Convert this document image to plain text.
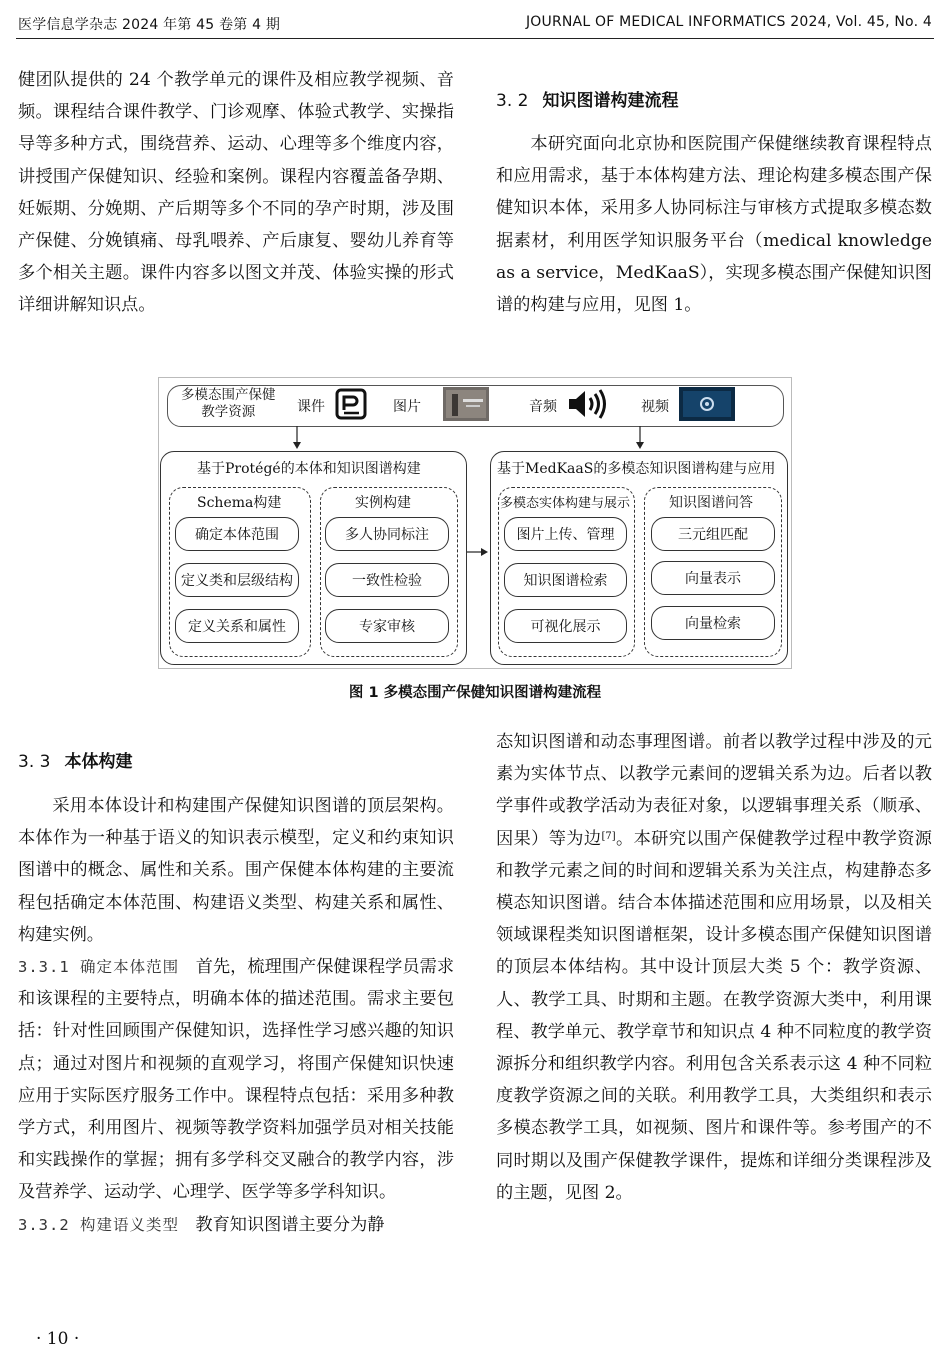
医学信息学杂志 2024 年第 45 卷第 4 期	JOURNAL OF MEDICAL INFORMATICS 2024, Vol. 45, No. 4

健团队提供的 24 个教学单元的课件及相应教学视频、音频。课程结合课件教学、门诊观摩、体验式教学、实操指导等多种方式，围绕营养、运动、心理等多个维度内容，讲授围产保健知识、经验和案例。课程内容覆盖备孕期、妊娠期、分娩期、产后期等多个不同的孕产时期，涉及围产保健、分娩镇痛、母乳喂养、产后康复、婴幼儿养育等多个相关主题。课件内容多以图文并茂、体验实操的形式详细讲解知识点。

3. 2 知识图谱构建流程

本研究面向北京协和医院围产保健继续教育课程特点和应用需求，基于本体构建方法、理论构建多模态围产保健知识本体，采用多人协同标注与审核方式提取多模态数据素材，利用医学知识服务平台（medical knowledge as a service，MedKaaS），实现多模态围产保健知识图谱的构建与应用，见图 1。

多模态围产保健
教学资源	课件	图片	音频	视频
基于Protégé的本体和知识图谱构建
Schema构建
确定本体范围
定义类和层级结构
定义关系和属性
实例构建
多人协同标注
一致性检验
专家审核
基于MedKaaS的多模态知识图谱构建与应用
多模态实体构建与展示
图片上传、管理
知识图谱检索
可视化展示
知识图谱问答
三元组匹配
向量表示
向量检索
图 1 多模态围产保健知识图谱构建流程
3. 3 本体构建

采用本体设计和构建围产保健知识图谱的顶层架构。本体作为一种基于语义的知识表示模型，定义和约束知识图谱中的概念、属性和关系。围产保健本体构建的主要流程包括确定本体范围、构建语义类型、构建关系和属性、构建实例。

3.3.1 确定本体范围 首先，梳理围产保健课程学员需求和该课程的主要特点，明确本体的描述范围。需求主要包括：针对性回顾围产保健知识，选择性学习感兴趣的知识点；通过对图片和视频的直观学习，将围产保健知识快速应用于实际医疗服务工作中。课程特点包括：采用多种教学方式，利用图片、视频等教学资料加强学员对相关技能和实践操作的掌握；拥有多学科交叉融合的教学内容，涉及营养学、运动学、心理学、医学等多学科知识。

3.3.2 构建语义类型 教育知识图谱主要分为静

态知识图谱和动态事理图谱。前者以教学过程中涉及的元素为实体节点、以教学元素间的逻辑关系为边。后者以教学事件或教学活动为表征对象，以逻辑事理关系（顺承、因果）等为边[7]。本研究以围产保健教学过程中教学资源和教学元素之间的时间和逻辑关系为关注点，构建静态多模态知识图谱。结合本体描述范围和应用场景，以及相关领域课程类知识图谱框架，设计多模态围产保健知识图谱的顶层本体结构。其中设计顶层大类 5 个：教学资源、人、教学工具、时期和主题。在教学资源大类中，利用课程、教学单元、教学章节和知识点 4 种不同粒度的教学资源拆分和组织教学内容。利用包含关系表示这 4 种不同粒度教学资源之间的关联。利用教学工具，大类组织和表示多模态教学工具，如视频、图片和课件等。参考围产的不同时期以及围产保健教学课件，提炼和详细分类课程涉及的主题，见图 2。

· 10 ·
